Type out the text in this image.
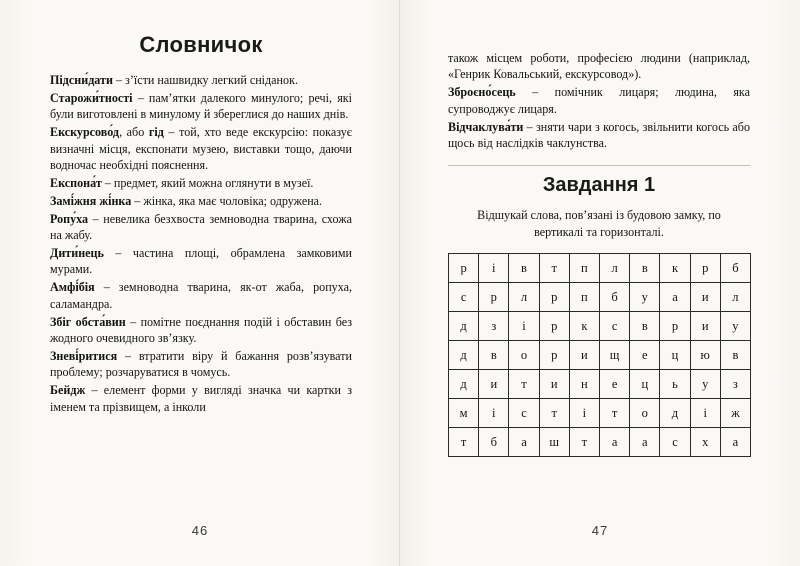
Словничок

Підсни́дати – з’їсти нашвидку легкий сніданок.

Старожи́тності – пам’ятки далекого минулого; речі, які були виготовлені в минулому й збереглися до наших днів.

Екскурсово́д, або гід – той, хто веде екскурсію: показує визначні місця, експонати музею, виставки тощо, даючи водночас необхідні пояснення.

Експона́т – предмет, який можна оглянути в музеї.

Замі́жня жі́нка – жінка, яка має чоловіка; одружена.

Ропу́ха – невелика безхвоста земноводна тварина, схожа на жабу.

Дити́нець – частина площі, обрамлена замковими мурами.

Амфі́бія – земноводна тварина, як-от жаба, ропуха, саламандра.

Збіг обста́вин – помітне поєднання подій і обставин без жодного очевидного зв’язку.

Зневі́ритися – втратити віру й бажання розв’язувати проблему; розчаруватися в чомусь.

Бейдж – елемент форми у вигляді значка чи картки з іменем та прізвищем, а інколи

46

також місцем роботи, професією людини (наприклад, «Генрик Ковальський, екскурсовод»).

Зброєно́сець – помічник лицаря; людина, яка супроводжує лицаря.

Відчаклува́ти – зняти чари з когось, звільнити когось або щось від наслідків чаклунства.

Завдання 1

Відшукай слова, пов’язані із будовою замку, по вертикалі та горизонталі.

р	і	в	т	п	л	в	к	р	б
с	р	л	р	п	б	у	а	и	л
д	з	і	р	к	с	в	р	и	у
д	в	о	р	и	щ	е	ц	ю	в
д	и	т	и	н	е	ц	ь	у	з
м	і	с	т	і	т	о	д	і	ж
т	б	а	ш	т	а	а	с	х	а
47
